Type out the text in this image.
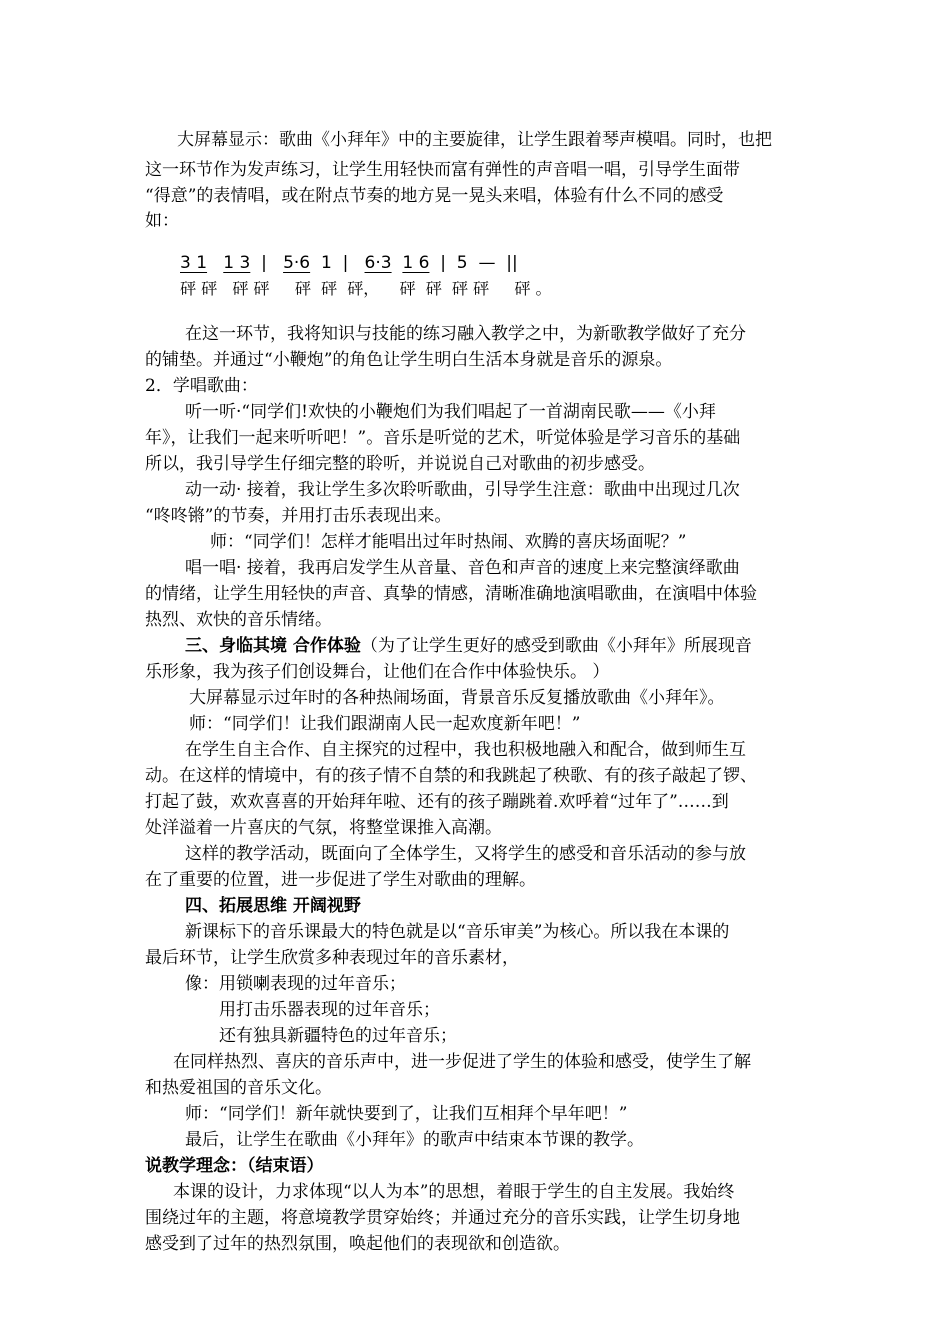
大屏幕显示：歌曲《小拜年》中的主要旋律，让学生跟着琴声模唱。同时，也把
这一环节作为发声练习，让学生用轻快而富有弹性的声音唱一唱，引导学生面带
“得意”的表情唱，或在附点节奏的地方晃一晃头来唱，体验有什么不同的感受
如：
3 1 1 3 | 5·6 1 | 6·3 1 6 | 5 — ||
砰 砰   砰 砰     砰  砰  砰，    砰  砰  砰 砰     砰 。
在这一环节，我将知识与技能的练习融入教学之中，为新歌教学做好了充分
的铺垫。并通过“小鞭炮”的角色让学生明白生活本身就是音乐的源泉。
2．学唱歌曲：
听一听·“同学们!欢快的小鞭炮们为我们唱起了一首湖南民歌——《小拜
年》，让我们一起来听听吧！”。音乐是听觉的艺术，听觉体验是学习音乐的基础
所以，我引导学生仔细完整的聆听，并说说自己对歌曲的初步感受。
动一动· 接着，我让学生多次聆听歌曲，引导学生注意：歌曲中出现过几次
“咚咚锵”的节奏，并用打击乐表现出来。
师：“同学们！怎样才能唱出过年时热闹、欢腾的喜庆场面呢？”
唱一唱· 接着，我再启发学生从音量、音色和声音的速度上来完整演绎歌曲
的情绪，让学生用轻快的声音、真挚的情感，清晰准确地演唱歌曲，在演唱中体验
热烈、欢快的音乐情绪。
三、身临其境 合作体验（为了让学生更好的感受到歌曲《小拜年》所展现音
乐形象，我为孩子们创设舞台，让他们在合作中体验快乐。 ）
大屏幕显示过年时的各种热闹场面，背景音乐反复播放歌曲《小拜年》。
师：“同学们！让我们跟湖南人民一起欢度新年吧！”
在学生自主合作、自主探究的过程中，我也积极地融入和配合，做到师生互
动。在这样的情境中，有的孩子情不自禁的和我跳起了秧歌、有的孩子敲起了锣、
打起了鼓，欢欢喜喜的开始拜年啦、还有的孩子蹦跳着.欢呼着“过年了”……到
处洋溢着一片喜庆的气氛，将整堂课推入高潮。
这样的教学活动，既面向了全体学生，又将学生的感受和音乐活动的参与放
在了重要的位置，进一步促进了学生对歌曲的理解。
四、拓展思维 开阔视野
新课标下的音乐课最大的特色就是以“音乐审美”为核心。所以我在本课的
最后环节，让学生欣赏多种表现过年的音乐素材，
像：用锁喇表现的过年音乐；
用打击乐器表现的过年音乐；
还有独具新疆特色的过年音乐；
在同样热烈、喜庆的音乐声中，进一步促进了学生的体验和感受，使学生了解
和热爱祖国的音乐文化。
师：“同学们！新年就快要到了，让我们互相拜个早年吧！”
最后，让学生在歌曲《小拜年》的歌声中结束本节课的教学。
说教学理念：（结束语）
本课的设计，力求体现“以人为本”的思想，着眼于学生的自主发展。我始终
围绕过年的主题，将意境教学贯穿始终；并通过充分的音乐实践，让学生切身地
感受到了过年的热烈氛围，唤起他们的表现欲和创造欲。
